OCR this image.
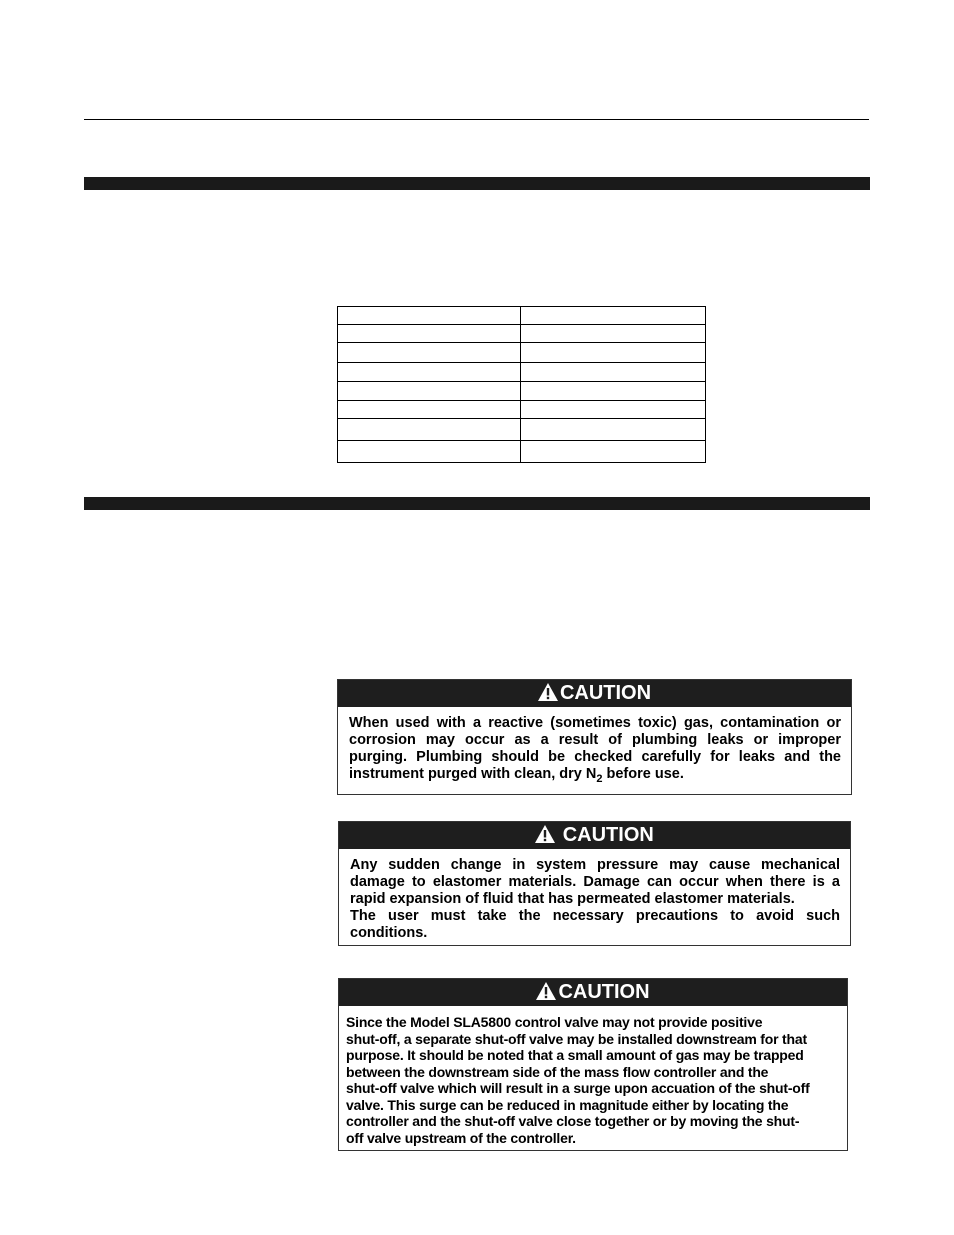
CAUTION
When used with a reactive (sometimes toxic) gas, contamination or corrosion may occur as a result of plumbing leaks or improper purging. Plumbing should be checked carefully for leaks and the instrument purged with clean, dry $N_2$ before use.
CAUTION

Any sudden change in system pressure may cause mechanical damage to elastomer materials. Damage can occur when there is a rapid expansion of fluid that has permeated elastomer materials.

The user must take the necessary precautions to avoid such conditions.

CAUTION
Since the Model SLA5800 control valve may not provide positive
shut-off, a separate shut-off valve may be installed downstream for that
purpose. It should be noted that a small amount of gas may be trapped
between the downstream side of the mass flow controller and the
shut-off valve which will result in a surge upon accuation of the shut-off
valve. This surge can be reduced in magnitude either by locating the
controller and the shut-off valve close together or by moving the shut-
off valve upstream of the controller.
